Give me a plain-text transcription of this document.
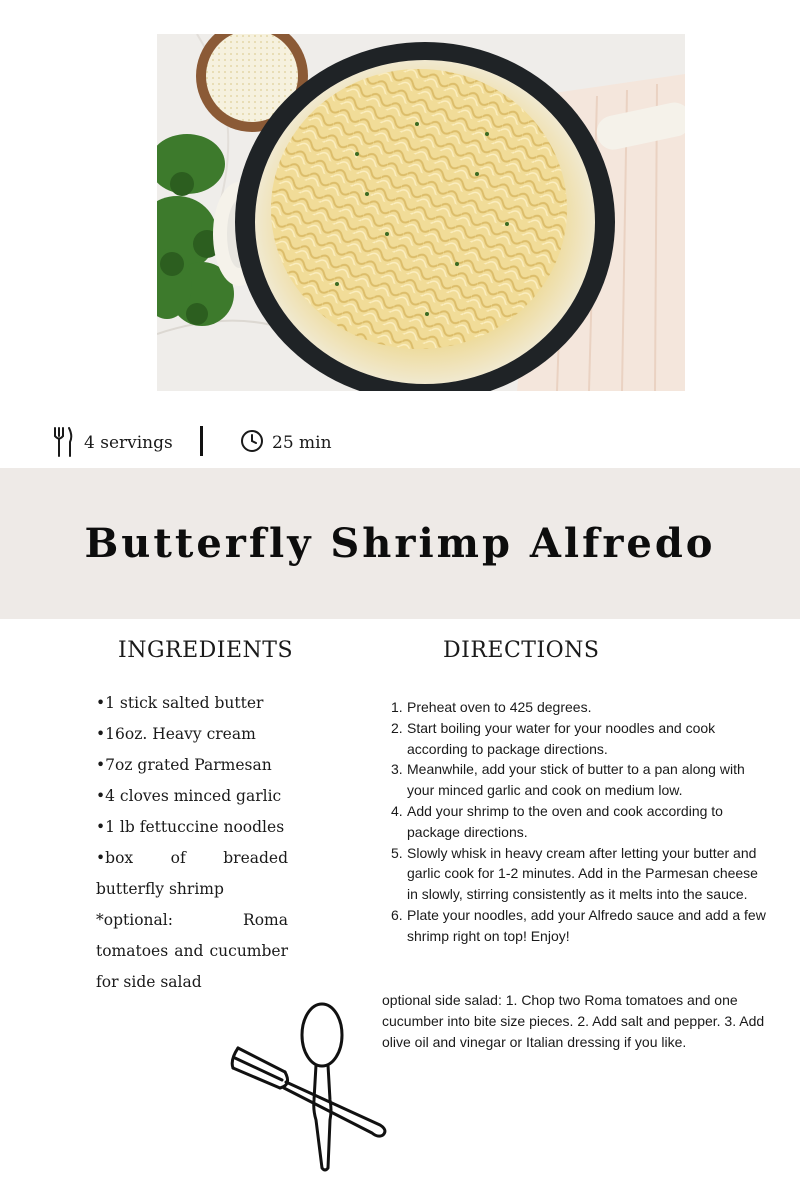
4 servings	25 min
Butterfly Shrimp Alfredo
INGREDIENTS	DIRECTIONS
•1 stick salted butter
•16oz. Heavy cream
•7oz grated Parmesan
•4 cloves minced garlic
•1 lb fettuccine noodles
•box of breaded butterfly shrimp
*optional: Roma tomatoes and cucumber for side salad
1. Preheat oven to 425 degrees.
2. Start boiling your water for your noodles and cook according to package directions.
3. Meanwhile, add your stick of butter to a pan along with your minced garlic and cook on medium low.
4. Add your shrimp to the oven and cook according to package directions.
5. Slowly whisk in heavy cream after letting your butter and garlic cook for 1-2 minutes. Add in the Parmesan cheese in slowly, stirring consistently as it melts into the sauce.
6. Plate your noodles, add your Alfredo sauce and add a few shrimp right on top! Enjoy!

optional side salad: 1. Chop two Roma tomatoes and one cucumber into bite size pieces. 2. Add salt and pepper. 3. Add olive oil and vinegar or Italian dressing if you like.
